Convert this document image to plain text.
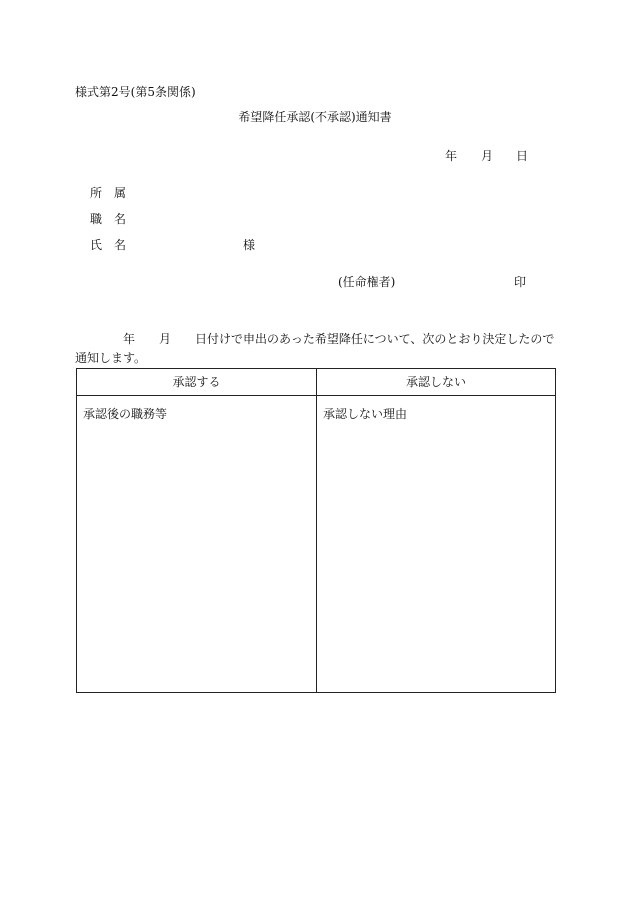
様式第2号(第5条関係)
希望降任承認(不承認)通知書
年 月 日
所 属
職 名
氏 名	様
(任命権者)	印
年 月 日付けで申出のあった希望降任について、次のとおり決定したので
通知します。
承認する
承認後の職務等
承認しない
承認しない理由
